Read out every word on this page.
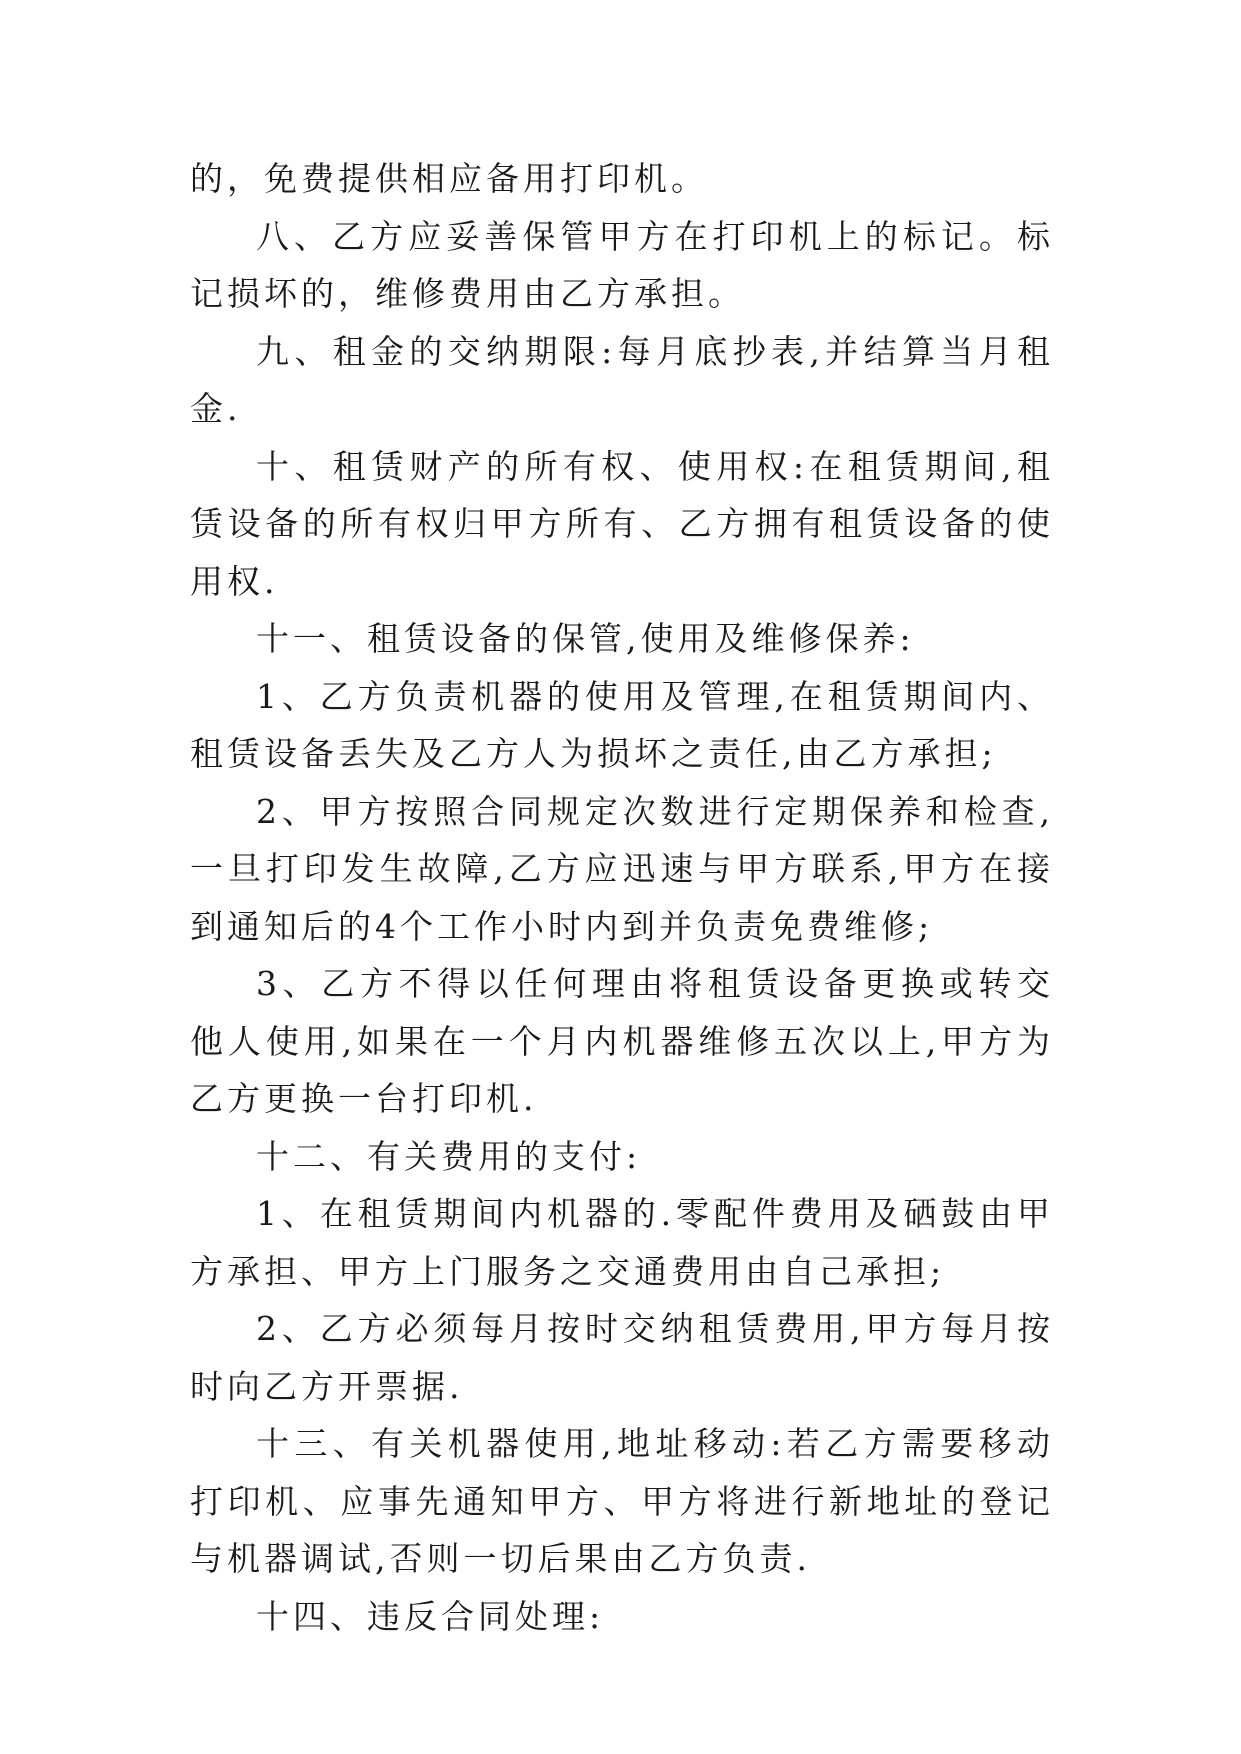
的，免费提供相应备用打印机。

八、乙方应妥善保管甲方在打印机上的标记。标记损坏的，维修费用由乙方承担。

九、租金的交纳期限:每月底抄表,并结算当月租金.

十、租赁财产的所有权、使用权:在租赁期间,租赁设备的所有权归甲方所有、乙方拥有租赁设备的使用权.

十一、租赁设备的保管,使用及维修保养:

1、乙方负责机器的使用及管理,在租赁期间内、租赁设备丢失及乙方人为损坏之责任,由乙方承担;

2、甲方按照合同规定次数进行定期保养和检查,一旦打印发生故障,乙方应迅速与甲方联系,甲方在接到通知后的4个工作小时内到并负责免费维修;

3、乙方不得以任何理由将租赁设备更换或转交他人使用,如果在一个月内机器维修五次以上,甲方为乙方更换一台打印机.

十二、有关费用的支付:

1、在租赁期间内机器的.零配件费用及硒鼓由甲方承担、甲方上门服务之交通费用由自己承担;

2、乙方必须每月按时交纳租赁费用,甲方每月按时向乙方开票据.

十三、有关机器使用,地址移动:若乙方需要移动打印机、应事先通知甲方、甲方将进行新地址的登记与机器调试,否则一切后果由乙方负责.

十四、违反合同处理:
